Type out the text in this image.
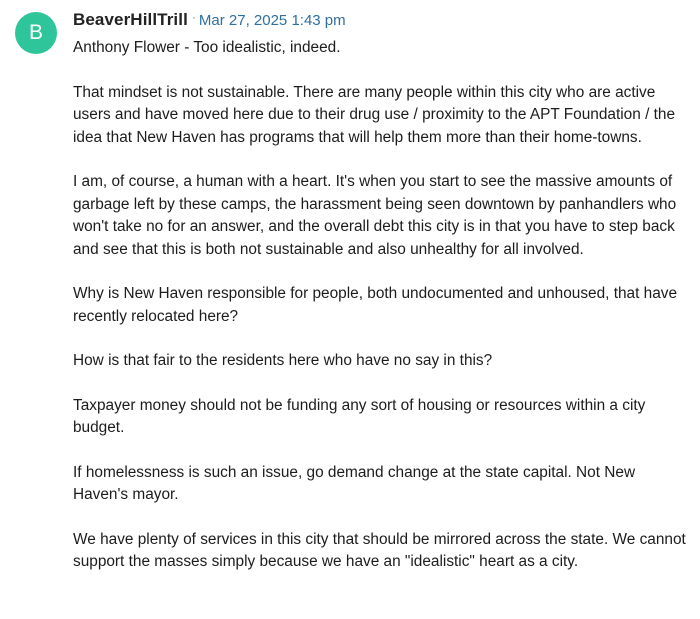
B
BeaverHillTrill · Mar 27, 2025 1:43 pm

Anthony Flower - Too idealistic, indeed.

That mindset is not sustainable. There are many people within this city who are active users and have moved here due to their drug use / proximity to the APT Foundation / the idea that New Haven has programs that will help them more than their home-towns.

I am, of course, a human with a heart. It's when you start to see the massive amounts of garbage left by these camps, the harassment being seen downtown by panhandlers who won't take no for an answer, and the overall debt this city is in that you have to step back and see that this is both not sustainable and also unhealthy for all involved.

Why is New Haven responsible for people, both undocumented and unhoused, that have recently relocated here?

How is that fair to the residents here who have no say in this?

Taxpayer money should not be funding any sort of housing or resources within a city budget.

If homelessness is such an issue, go demand change at the state capital. Not New Haven's mayor.

We have plenty of services in this city that should be mirrored across the state. We cannot support the masses simply because we have an "idealistic" heart as a city.
